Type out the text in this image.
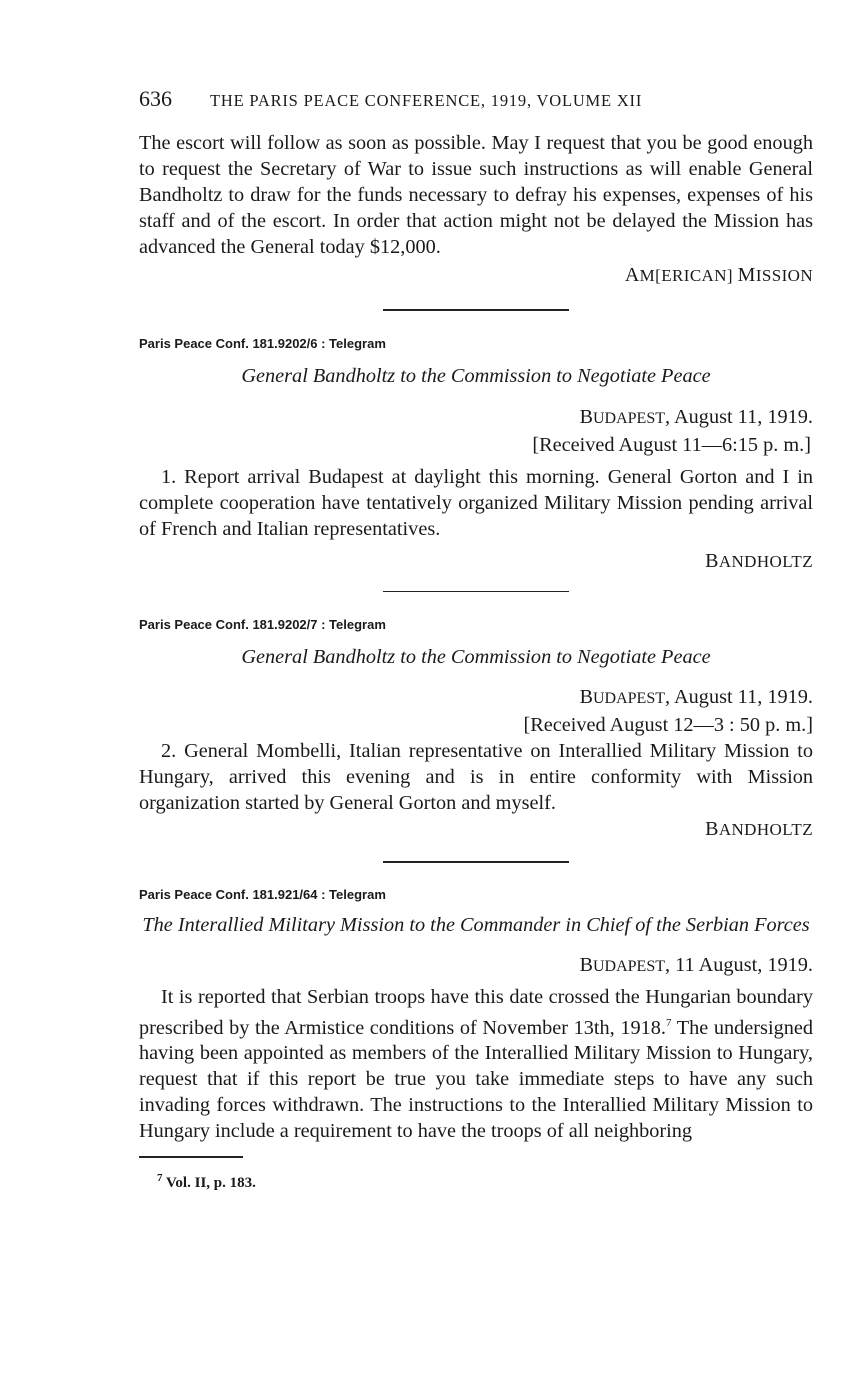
636 THE PARIS PEACE CONFERENCE, 1919, VOLUME XII

The escort will follow as soon as possible. May I request that you be good enough to request the Secretary of War to issue such instructions as will enable General Bandholtz to draw for the funds necessary to defray his expenses, expenses of his staff and of the escort. In order that action might not be delayed the Mission has advanced the General today $12,000.

AM[ERICAN] MISSION
Paris Peace Conf. 181.9202/6 : Telegram
General Bandholtz to the Commission to Negotiate Peace
BUDAPEST, August 11, 1919.
[Received August 11—6:15 p. m.]

1. Report arrival Budapest at daylight this morning. General Gorton and I in complete cooperation have tentatively organized Military Mission pending arrival of French and Italian representatives.

BANDHOLTZ
Paris Peace Conf. 181.9202/7 : Telegram
General Bandholtz to the Commission to Negotiate Peace
BUDAPEST, August 11, 1919.
[Received August 12—3 : 50 p. m.]

2. General Mombelli, Italian representative on Interallied Military Mission to Hungary, arrived this evening and is in entire conformity with Mission organization started by General Gorton and myself.

BANDHOLTZ
Paris Peace Conf. 181.921/64 : Telegram
The Interallied Military Mission to the Commander in Chief of the Serbian Forces
BUDAPEST, 11 August, 1919.

It is reported that Serbian troops have this date crossed the Hungarian boundary prescribed by the Armistice conditions of November 13th, 1918.$^7$ The undersigned having been appointed as members of the Interallied Military Mission to Hungary, request that if this report be true you take immediate steps to have any such invading forces withdrawn. The instructions to the Interallied Military Mission to Hungary include a requirement to have the troops of all neighboring

$^7$ Vol. II, p. 183.
